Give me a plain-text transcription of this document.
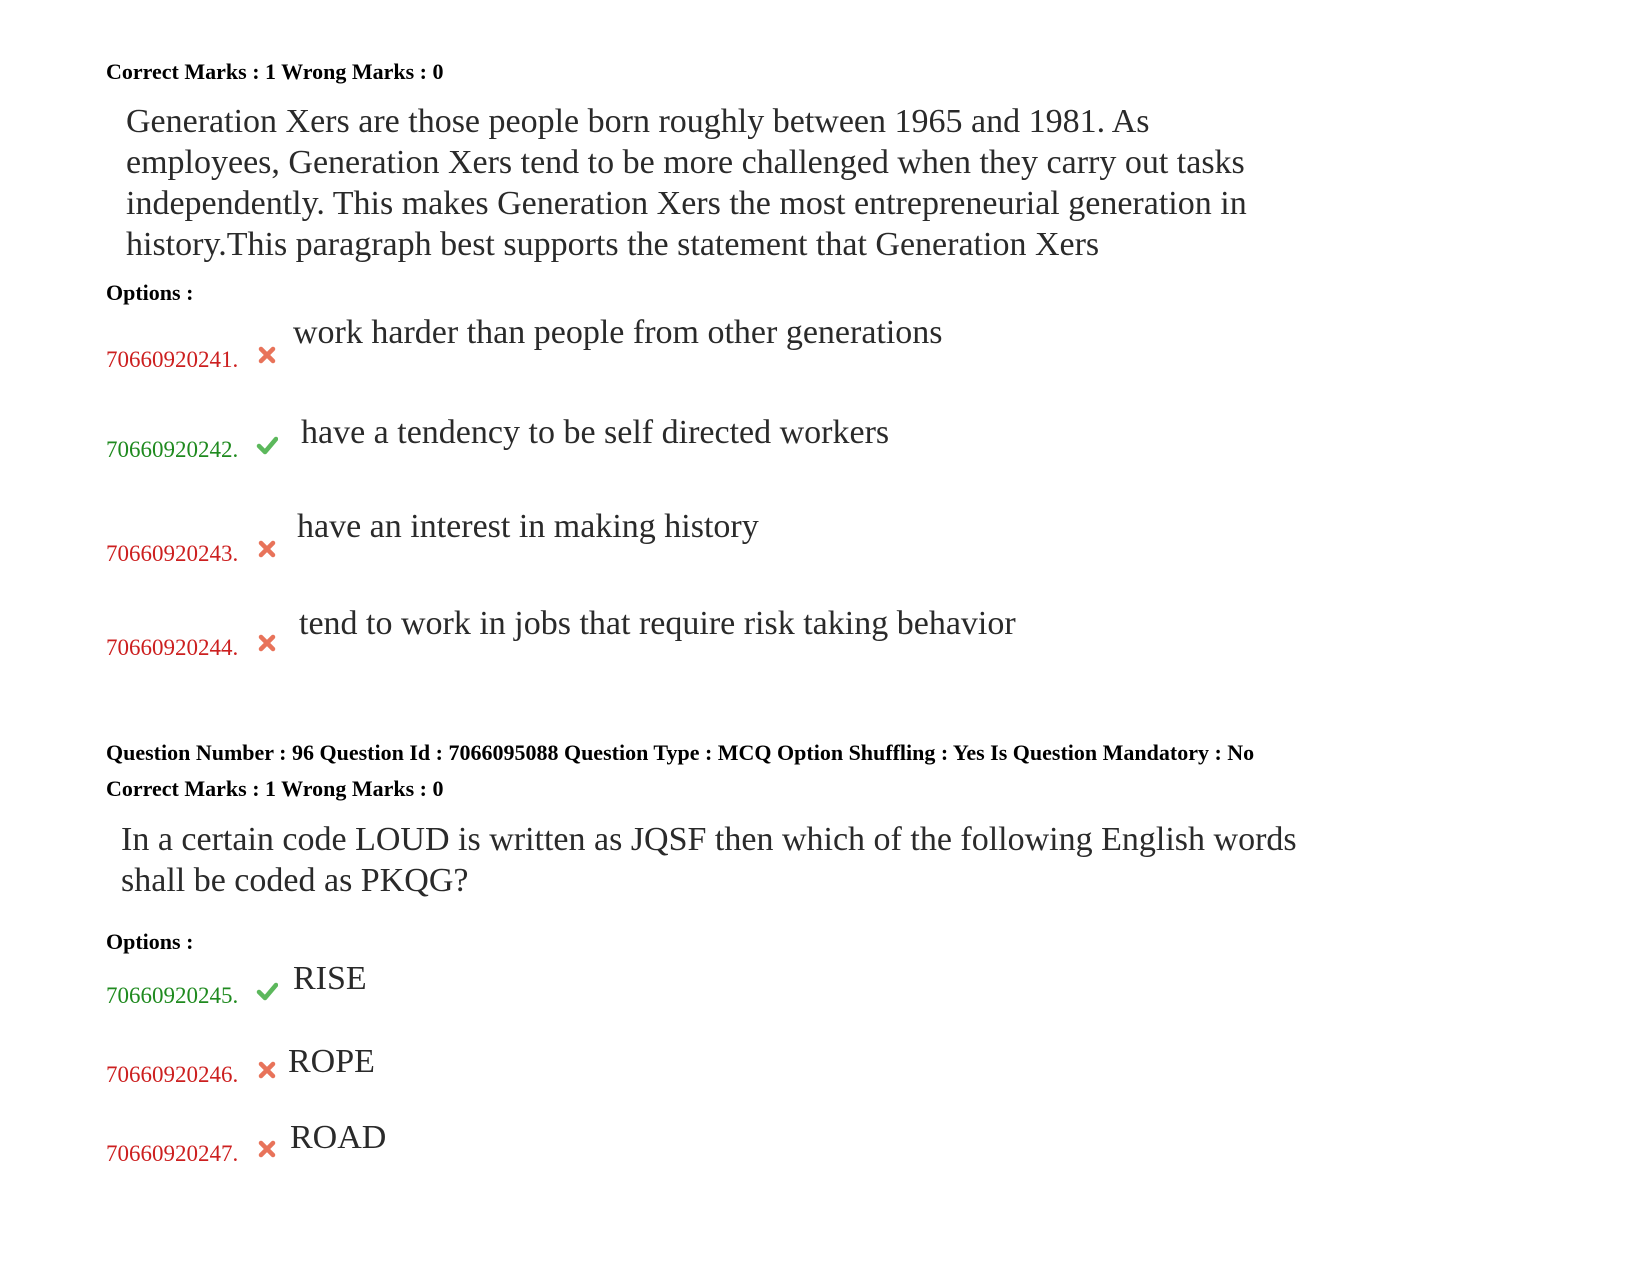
Correct Marks : 1 Wrong Marks : 0
Generation Xers are those people born roughly between 1965 and 1981. As
employees, Generation Xers tend to be more challenged when they carry out tasks
independently. This makes Generation Xers the most entrepreneurial generation in
history.This paragraph best supports the statement that Generation Xers
Options :
70660920241.
work harder than people from other generations
70660920242. have a tendency to be self directed workers
70660920243.
have an interest in making history
70660920244.
tend to work in jobs that require risk taking behavior
Question Number : 96 Question Id : 7066095088 Question Type : MCQ Option Shuffling : Yes Is Question Mandatory : No
Correct Marks : 1 Wrong Marks : 0
In a certain code LOUD is written as JQSF then which of the following English words
shall be coded as PKQG?
Options :
70660920245. RISE
70660920246. ROPE
70660920247. ROAD
